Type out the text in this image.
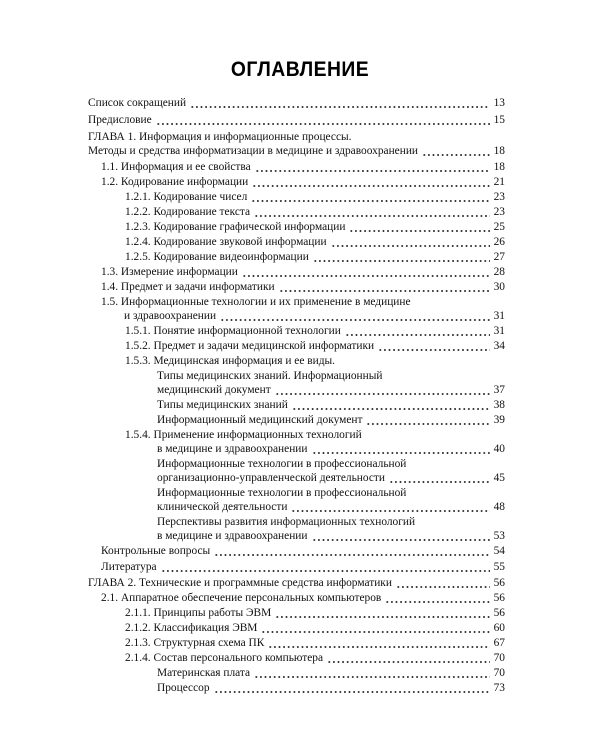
ОГЛАВЛЕНИЕ
Список сокращений	13
Предисловие	15
ГЛАВА 1. Информация и информационные процессы.
Методы и средства информатизации в медицине и здравоохранении	18
1.1. Информация и ее свойства	18
1.2. Кодирование информации	21
1.2.1. Кодирование чисел	23
1.2.2. Кодирование текста	23
1.2.3. Кодирование графической информации	25
1.2.4. Кодирование звуковой информации	26
1.2.5. Кодирование видеоинформации	27
1.3. Измерение информации	28
1.4. Предмет и задачи информатики	30
1.5. Информационные технологии и их применение в медицине
и здравоохранении	31
1.5.1. Понятие информационной технологии	31
1.5.2. Предмет и задачи медицинской информатики	34
1.5.3. Медицинская информация и ее виды.
Типы медицинских знаний. Информационный
медицинский документ	37
Типы медицинских знаний	38
Информационный медицинский документ	39
1.5.4. Применение информационных технологий
в медицине и здравоохранении	40
Информационные технологии в профессиональной
организационно-управленческой деятельности	45
Информационные технологии в профессиональной
клинической деятельности	48
Перспективы развития информационных технологий
в медицине и здравоохранении	53
Контрольные вопросы	54
Литература	55
ГЛАВА 2. Технические и программные средства информатики	56
2.1. Аппаратное обеспечение персональных компьютеров	56
2.1.1. Принципы работы ЭВМ	56
2.1.2. Классификация ЭВМ	60
2.1.3. Структурная схема ПК	67
2.1.4. Состав персонального компьютера	70
Материнская плата	70
Процессор	73
